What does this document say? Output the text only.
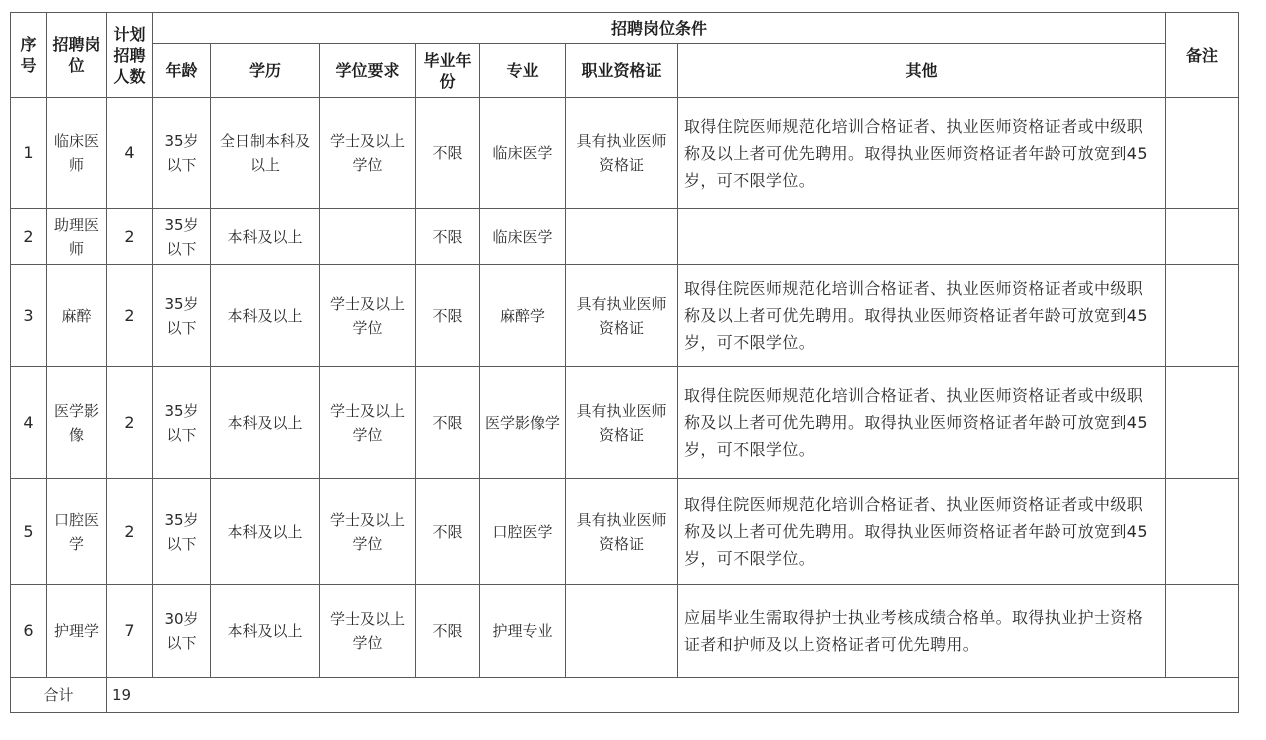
序号	招聘岗位	计划招聘人数	招聘岗位条件							备注
			年龄	学历	学位要求	毕业年份	专业	职业资格证	其他	
1	临床医师	4	35岁以下	全日制本科及以上	学士及以上学位	不限	临床医学	具有执业医师资格证	取得住院医师规范化培训合格证者、执业医师资格证者或中级职称及以上者可优先聘用。取得执业医师资格证者年龄可放宽到45岁，可不限学位。	
2	助理医师	2	35岁以下	本科及以上		不限	临床医学			
3	麻醉	2	35岁以下	本科及以上	学士及以上学位	不限	麻醉学	具有执业医师资格证	取得住院医师规范化培训合格证者、执业医师资格证者或中级职称及以上者可优先聘用。取得执业医师资格证者年龄可放宽到45岁，可不限学位。	
4	医学影像	2	35岁以下	本科及以上	学士及以上学位	不限	医学影像学	具有执业医师资格证	取得住院医师规范化培训合格证者、执业医师资格证者或中级职称及以上者可优先聘用。取得执业医师资格证者年龄可放宽到45岁，可不限学位。	
5	口腔医学	2	35岁以下	本科及以上	学士及以上学位	不限	口腔医学	具有执业医师资格证	取得住院医师规范化培训合格证者、执业医师资格证者或中级职称及以上者可优先聘用。取得执业医师资格证者年龄可放宽到45岁，可不限学位。	
6	护理学	7	30岁以下	本科及以上	学士及以上学位	不限	护理专业		应届毕业生需取得护士执业考核成绩合格单。取得执业护士资格证者和护师及以上资格证者可优先聘用。	
合计		19								
